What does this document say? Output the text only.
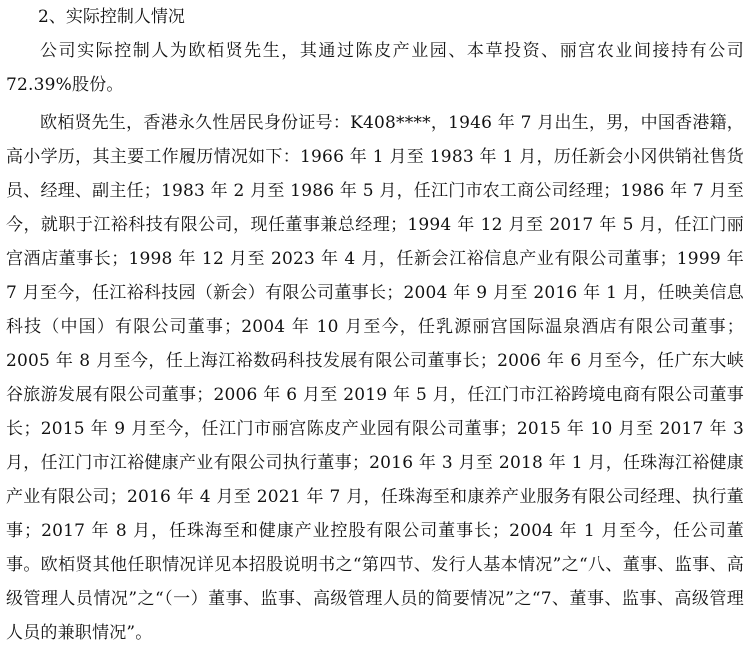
2、实际控制人情况

公司实际控制人为欧栢贤先生，其通过陈皮产业园、本草投资、丽宫农业间接持有公司 72.39%股份。

欧栢贤先生，香港永久性居民身份证号：K408****，1946 年 7 月出生，男，中国香港籍，高小学历，其主要工作履历情况如下：1966 年 1 月至 1983 年 1 月，历任新会小冈供销社售货员、经理、副主任；1983 年 2 月至 1986 年 5 月，任江门市农工商公司经理；1986 年 7 月至今，就职于江裕科技有限公司，现任董事兼总经理；1994 年 12 月至 2017 年 5 月，任江门丽宫酒店董事长；1998 年 12 月至 2023 年 4 月，任新会江裕信息产业有限公司董事；1999 年 7 月至今，任江裕科技园（新会）有限公司董事长；2004 年 9 月至 2016 年 1 月，任映美信息科技（中国）有限公司董事；2004 年 10 月至今，任乳源丽宫国际温泉酒店有限公司董事；2005 年 8 月至今，任上海江裕数码科技发展有限公司董事长；2006 年 6 月至今，任广东大峡谷旅游发展有限公司董事；2006 年 6 月至 2019 年 5 月，任江门市江裕跨境电商有限公司董事长；2015 年 9 月至今，任江门市丽宫陈皮产业园有限公司董事；2015 年 10 月至 2017 年 3 月，任江门市江裕健康产业有限公司执行董事；2016 年 3 月至 2018 年 1 月，任珠海江裕健康产业有限公司；2016 年 4 月至 2021 年 7 月，任珠海至和康养产业服务有限公司经理、执行董事；2017 年 8 月，任珠海至和健康产业控股有限公司董事长；2004 年 1 月至今，任公司董事。欧栢贤其他任职情况详见本招股说明书之“第四节、发行人基本情况”之“八、董事、监事、高级管理人员情况”之“（一）董事、监事、高级管理人员的简要情况”之“7、董事、监事、高级管理人员的兼职情况”。
